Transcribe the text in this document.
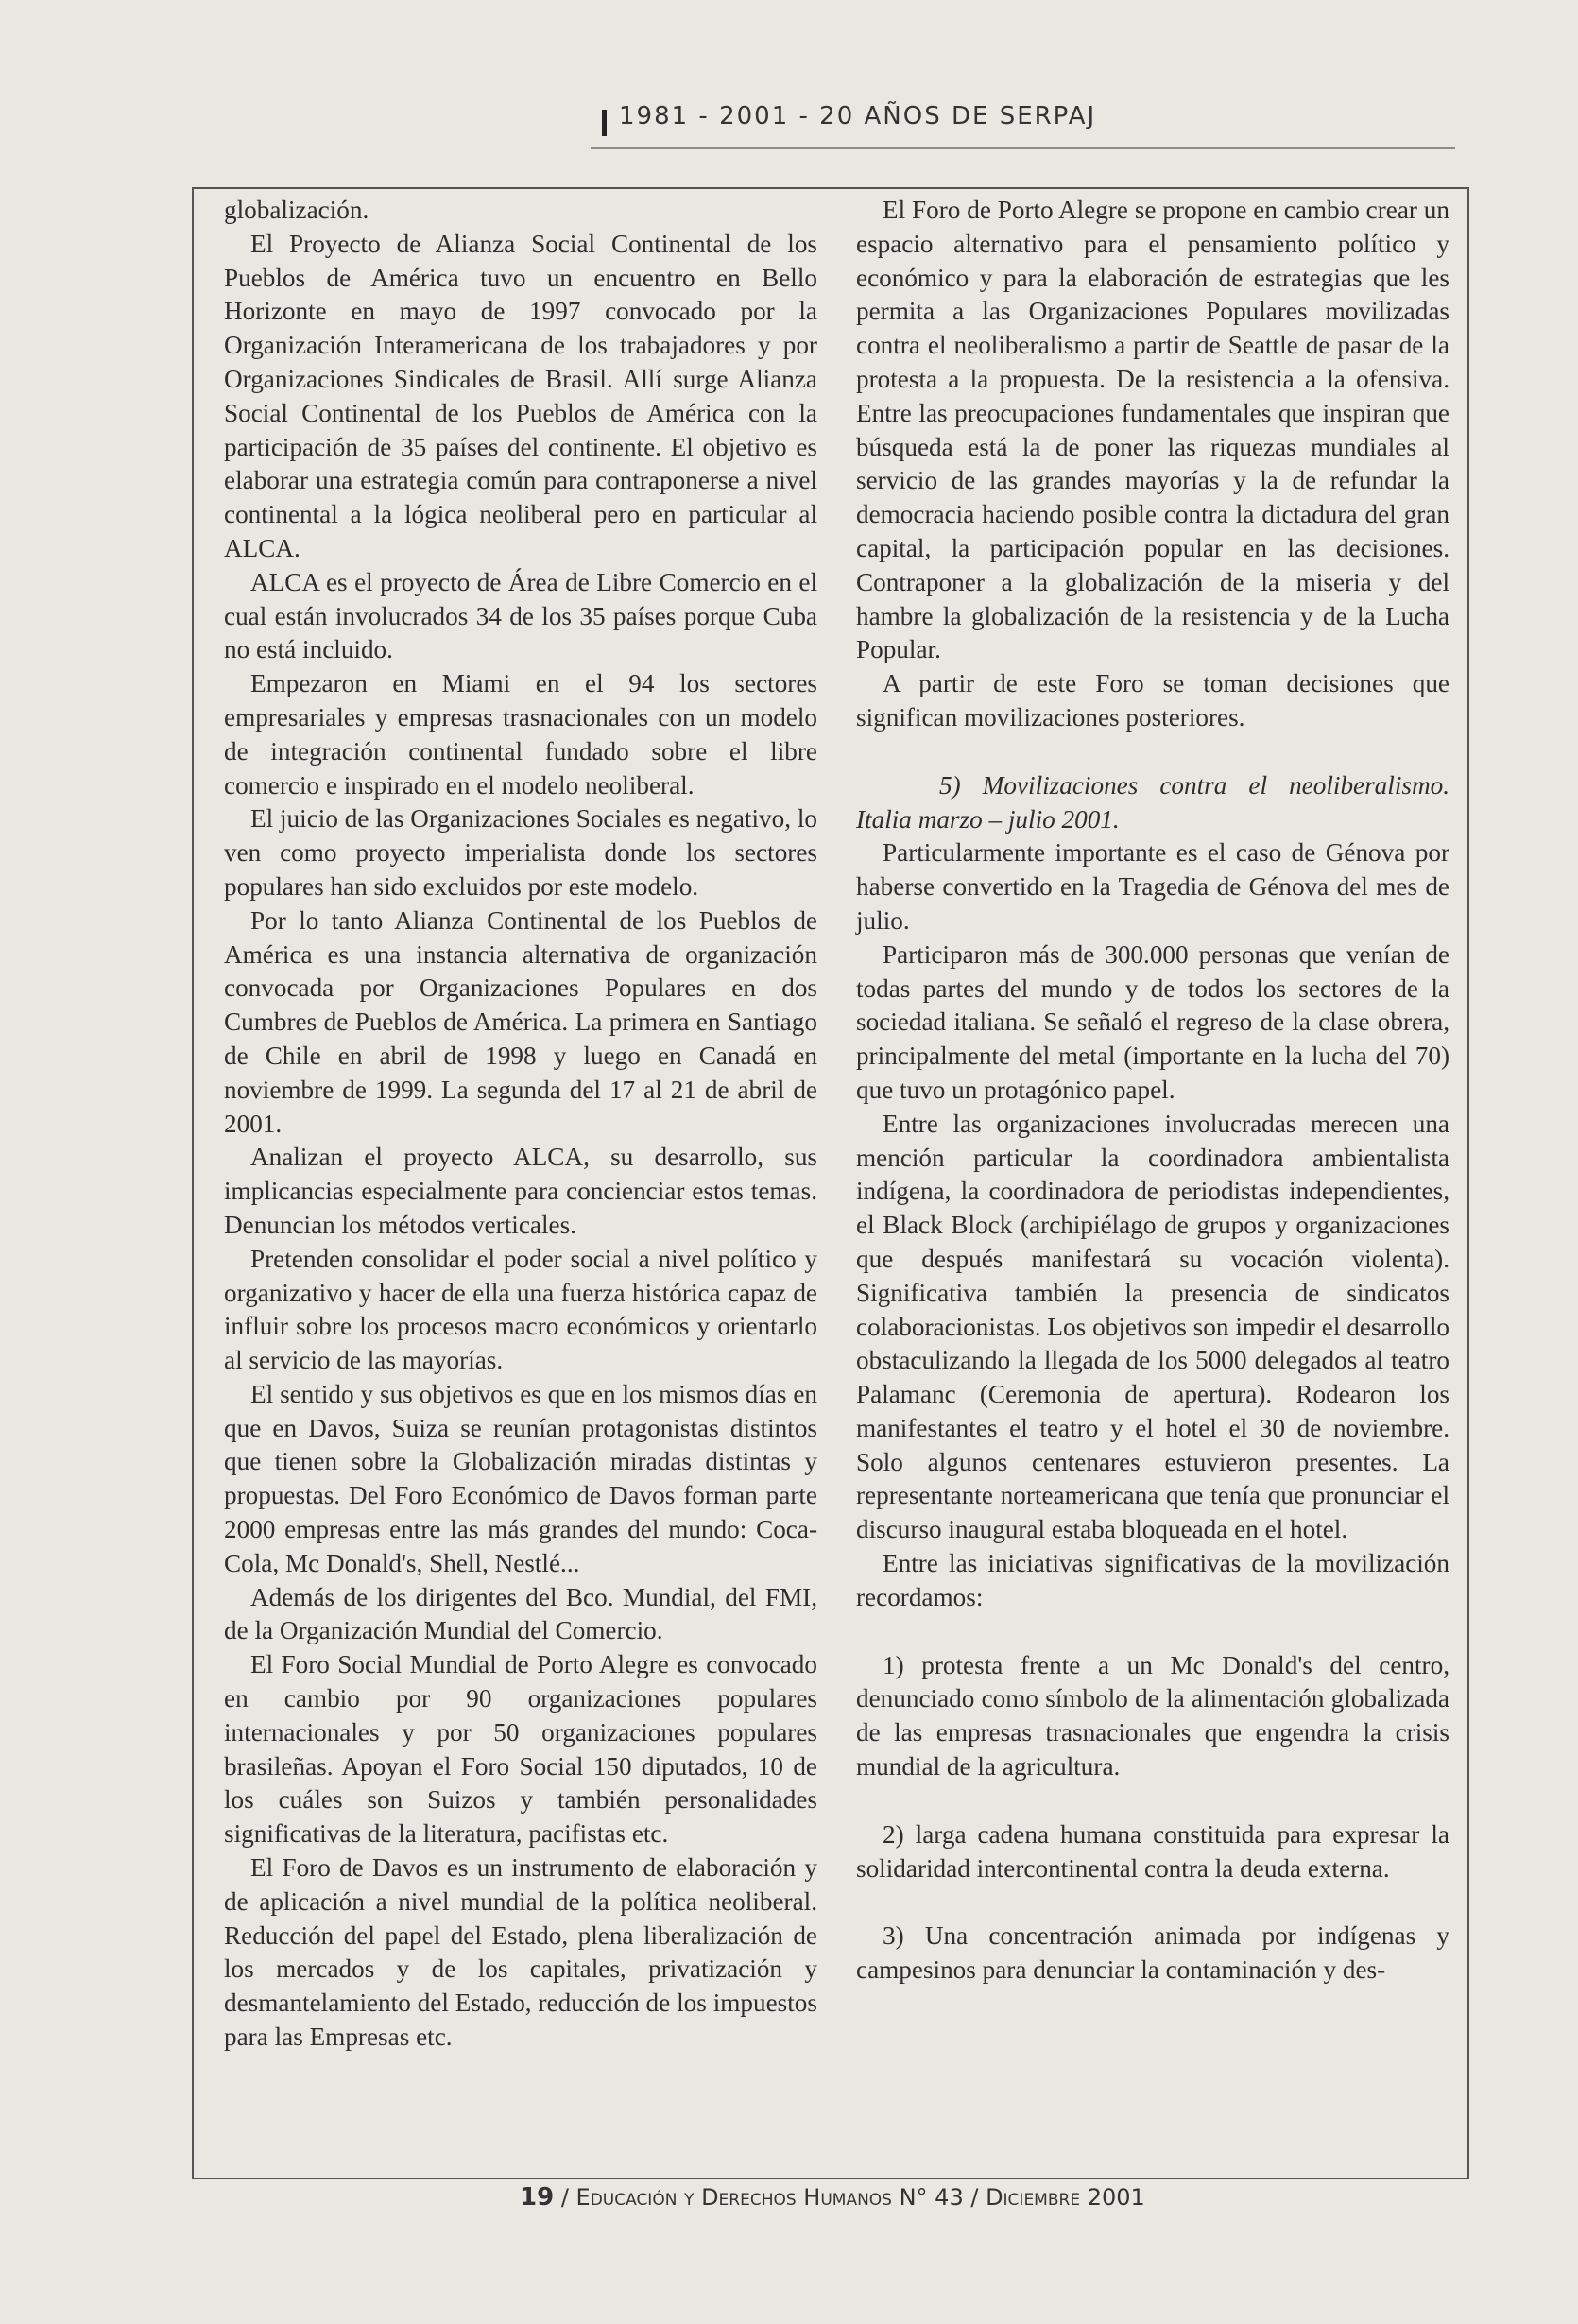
1981 - 2001 - 20 AÑOS DE SERPAJ

globalización.

El Proyecto de Alianza Social Continental de los Pueblos de América tuvo un encuentro en Bello Horizonte en mayo de 1997 convocado por la Organización Interamericana de los trabajadores y por Organizaciones Sindicales de Brasil. Allí surge Alianza Social Continental de los Pueblos de América con la participación de 35 países del continente. El objetivo es elaborar una estrategia común para contraponerse a nivel continental a la lógica neoliberal pero en particular al ALCA.

ALCA es el proyecto de Área de Libre Comercio en el cual están involucrados 34 de los 35 países porque Cuba no está incluido.

Empezaron en Miami en el 94 los sectores empresariales y empresas trasnacionales con un modelo de integración continental fundado sobre el libre comercio e inspirado en el modelo neoliberal.

El juicio de las Organizaciones Sociales es negativo, lo ven como proyecto imperialista donde los sectores populares han sido excluidos por este modelo.

Por lo tanto Alianza Continental de los Pueblos de América es una instancia alternativa de organización convocada por Organizaciones Populares en dos Cumbres de Pueblos de América. La primera en Santiago de Chile en abril de 1998 y luego en Canadá en noviembre de 1999. La segunda del 17 al 21 de abril de 2001.

Analizan el proyecto ALCA, su desarrollo, sus implicancias especialmente para concienciar estos temas. Denuncian los métodos verticales.

Pretenden consolidar el poder social a nivel político y organizativo y hacer de ella una fuerza histórica capaz de influir sobre los procesos macro económicos y orientarlo al servicio de las mayorías.

El sentido y sus objetivos es que en los mismos días en que en Davos, Suiza se reunían protagonistas distintos que tienen sobre la Globalización miradas distintas y propuestas. Del Foro Económico de Davos forman parte 2000 empresas entre las más grandes del mundo: Coca- Cola, Mc Donald's, Shell, Nestlé...

Además de los dirigentes del Bco. Mundial, del FMI, de la Organización Mundial del Comercio.

El Foro Social Mundial de Porto Alegre es convocado en cambio por 90 organizaciones populares internacionales y por 50 organizaciones populares brasileñas. Apoyan el Foro Social 150 diputados, 10 de los cuáles son Suizos y también personalidades significativas de la literatura, pacifistas etc.

El Foro de Davos es un instrumento de elaboración y de aplicación a nivel mundial de la política neoliberal. Reducción del papel del Estado, plena liberalización de los mercados y de los capitales, privatización y desmantelamiento del Estado, reducción de los impuestos para las Empresas etc.

El Foro de Porto Alegre se propone en cambio crear un espacio alternativo para el pensamiento político y económico y para la elaboración de estrategias que les permita a las Organizaciones Populares movilizadas contra el neoliberalismo a partir de Seattle de pasar de la protesta a la propuesta. De la resistencia a la ofensiva. Entre las preocupaciones fundamentales que inspiran que búsqueda está la de poner las riquezas mundiales al servicio de las grandes mayorías y la de refundar la democracia haciendo posible contra la dictadura del gran capital, la participación popular en las decisiones. Contraponer a la globalización de la miseria y del hambre la globalización de la resistencia y de la Lucha Popular.

A partir de este Foro se toman decisiones que significan movilizaciones posteriores.

5) Movilizaciones contra el neoliberalismo. Italia marzo – julio 2001.

Particularmente importante es el caso de Génova por haberse convertido en la Tragedia de Génova del mes de julio.

Participaron más de 300.000 personas que venían de todas partes del mundo y de todos los sectores de la sociedad italiana. Se señaló el regreso de la clase obrera, principalmente del metal (importante en la lucha del 70) que tuvo un protagónico papel.

Entre las organizaciones involucradas merecen una mención particular la coordinadora ambientalista indígena, la coordinadora de periodistas independientes, el Black Block (archipiélago de grupos y organizaciones que después manifestará su vocación violenta). Significativa también la presencia de sindicatos colaboracionistas. Los objetivos son impedir el desarrollo obstaculizando la llegada de los 5000 delegados al teatro Palamanc (Ceremonia de apertura). Rodearon los manifestantes el teatro y el hotel el 30 de noviembre. Solo algunos centenares estuvieron presentes. La representante norteamericana que tenía que pronunciar el discurso inaugural estaba bloqueada en el hotel.

Entre las iniciativas significativas de la movilización recordamos:

1) protesta frente a un Mc Donald's del centro, denunciado como símbolo de la alimentación globalizada de las empresas trasnacionales que engendra la crisis mundial de la agricultura.

2) larga cadena humana constituida para expresar la solidaridad intercontinental contra la deuda externa.

3) Una concentración animada por indígenas y campesinos para denunciar la contaminación y des-

19 / Educación y Derechos Humanos N° 43 / Diciembre 2001
